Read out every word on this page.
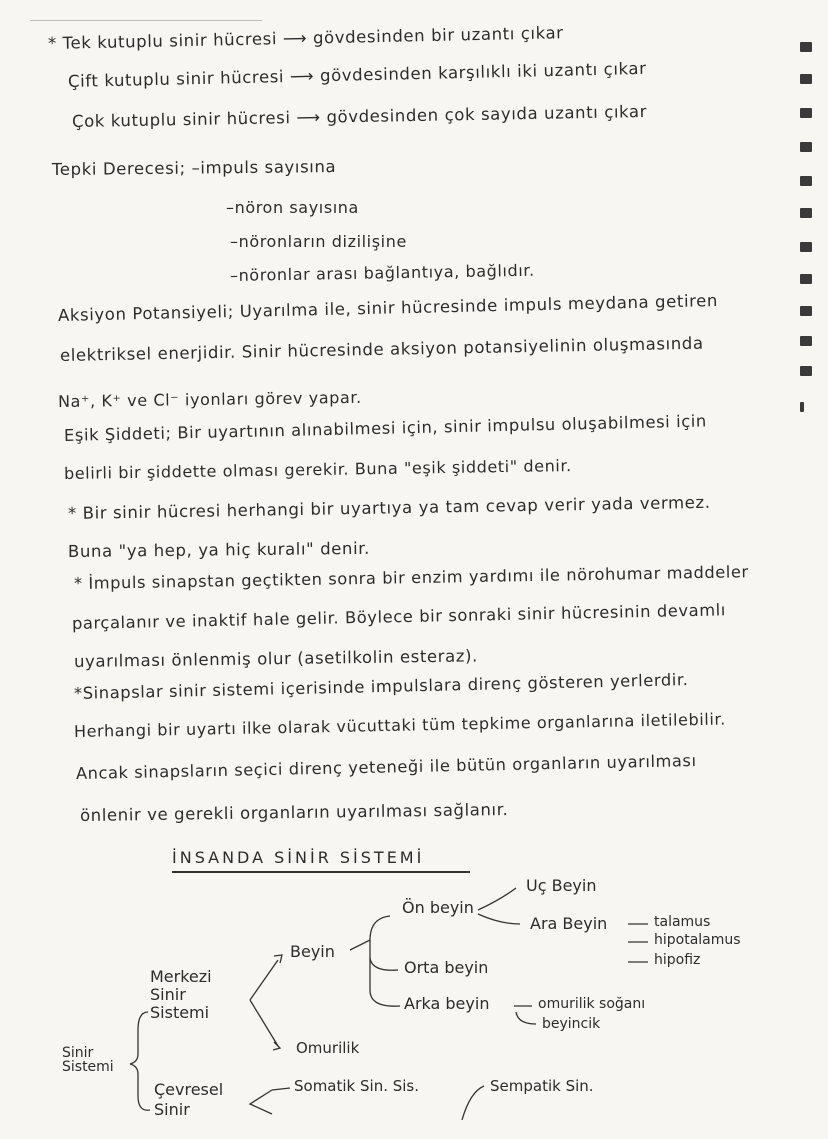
* Tek kutuplu sinir hücresi ⟶ gövdesinden bir uzantı çıkar
Çift kutuplu sinir hücresi ⟶ gövdesinden karşılıklı iki uzantı çıkar
Çok kutuplu sinir hücresi ⟶ gövdesinden çok sayıda uzantı çıkar
Tepki Derecesi; –impuls sayısına
–nöron sayısına
–nöronların dizilişine
–nöronlar arası bağlantıya, bağlıdır.
Aksiyon Potansiyeli; Uyarılma ile, sinir hücresinde impuls meydana getiren
elektriksel enerjidir. Sinir hücresinde aksiyon potansiyelinin oluşmasında
Na⁺, K⁺ ve Cl⁻ iyonları görev yapar.
Eşik Şiddeti; Bir uyartının alınabilmesi için, sinir impulsu oluşabilmesi için
belirli bir şiddette olması gerekir. Buna "eşik şiddeti" denir.
* Bir sinir hücresi herhangi bir uyartıya ya tam cevap verir yada vermez.
Buna "ya hep, ya hiç kuralı" denir.
* İmpuls sinapstan geçtikten sonra bir enzim yardımı ile nörohumar maddeler
parçalanır ve inaktif hale gelir. Böylece bir sonraki sinir hücresinin devamlı
uyarılması önlenmiş olur (asetilkolin esteraz).
*Sinapslar sinir sistemi içerisinde impulslara direnç gösteren yerlerdir.
Herhangi bir uyartı ilke olarak vücuttaki tüm tepkime organlarına iletilebilir.
Ancak sinapsların seçici direnç yeteneği ile bütün organların uyarılması
önlenir ve gerekli organların uyarılması sağlanır.
İNSANDA SİNİR SİSTEMİ
Sinir Sistemi
Merkezi Sinir Sistemi
Çevresel Sinir
Beyin
Omurilik
Ön beyin
Orta beyin
Arka beyin
Uç Beyin
Ara Beyin	talamus
hipotalamus
hipofiz
omurilik soğanı
beyincik
Somatik Sin. Sis.	Sempatik Sin.
